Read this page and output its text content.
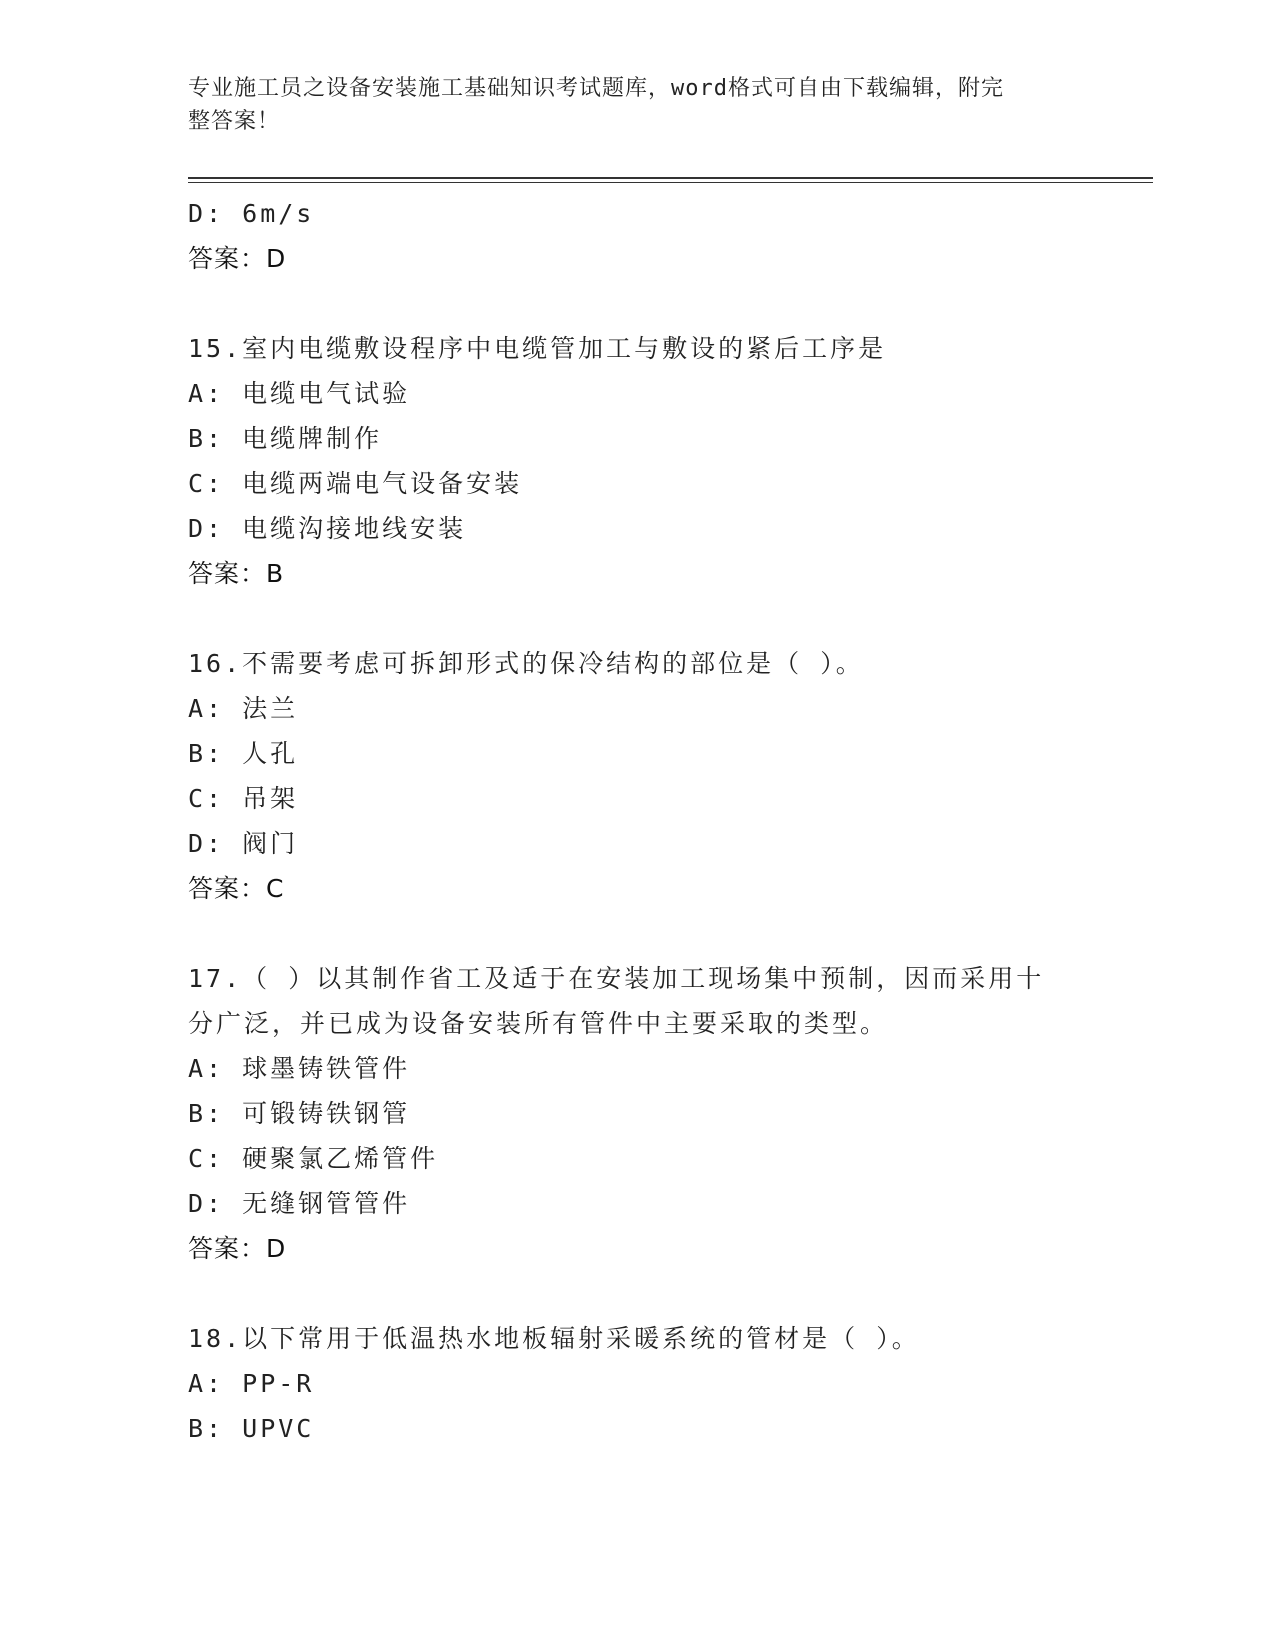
专业施工员之设备安装施工基础知识考试题库，word格式可自由下载编辑，附完
整答案！
D: 6m/s
答案：D
15.室内电缆敷设程序中电缆管加工与敷设的紧后工序是
A: 电缆电气试验
B: 电缆牌制作
C: 电缆两端电气设备安装
D: 电缆沟接地线安装
答案：B
16.不需要考虑可拆卸形式的保冷结构的部位是（ ）。
A: 法兰
B: 人孔
C: 吊架
D: 阀门
答案：C
17.（ ）以其制作省工及适于在安装加工现场集中预制，因而采用十
分广泛，并已成为设备安装所有管件中主要采取的类型。
A: 球墨铸铁管件
B: 可锻铸铁钢管
C: 硬聚氯乙烯管件
D: 无缝钢管管件
答案：D
18.以下常用于低温热水地板辐射采暖系统的管材是（ ）。
A: PP-R
B: UPVC
